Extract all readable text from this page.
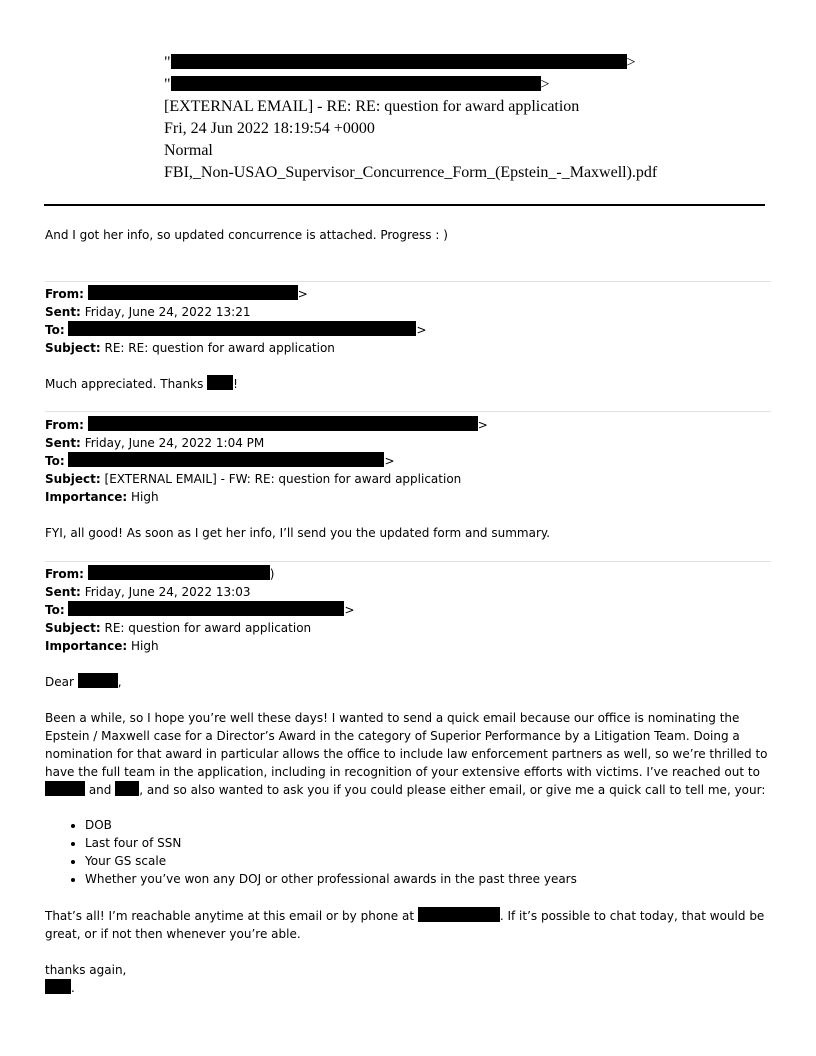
"	>
"	>
[EXTERNAL EMAIL] - RE: RE: question for award application
Fri, 24 Jun 2022 18:19:54 +0000
Normal
FBI,_Non-USAO_Supervisor_Concurrence_Form_(Epstein_-_Maxwell).pdf
And I got her info, so updated concurrence is attached. Progress : )
From:	>
Sent: Friday, June 24, 2022 13:21
To:	>
Subject: RE: RE: question for award application
Much appreciated. Thanks !
From:	>
Sent: Friday, June 24, 2022 1:04 PM
To:	>
Subject: [EXTERNAL EMAIL] - FW: RE: question for award application
Importance: High
FYI, all good! As soon as I get her info, I’ll send you the updated form and summary.
From:	)
Sent: Friday, June 24, 2022 13:03
To:	>
Subject: RE: question for award application
Importance: High
Dear	,
Been a while, so I hope you’re well these days! I wanted to send a quick email because our office is nominating the
Epstein / Maxwell case for a Director’s Award in the category of Superior Performance by a Litigation Team. Doing a
nomination for that award in particular allows the office to include law enforcement partners as well, so we’re thrilled to
have the full team in the application, including in recognition of your extensive efforts with victims. I’ve reached out to
and , and so also wanted to ask you if you could please either email, or give me a quick call to tell me, your:
• DOB
• Last four of SSN
• Your GS scale
• Whether you’ve won any DOJ or other professional awards in the past three years
That’s all! I’m reachable anytime at this email or by phone at	. If it’s possible to chat today, that would be
great, or if not then whenever you’re able.
thanks again,
.
